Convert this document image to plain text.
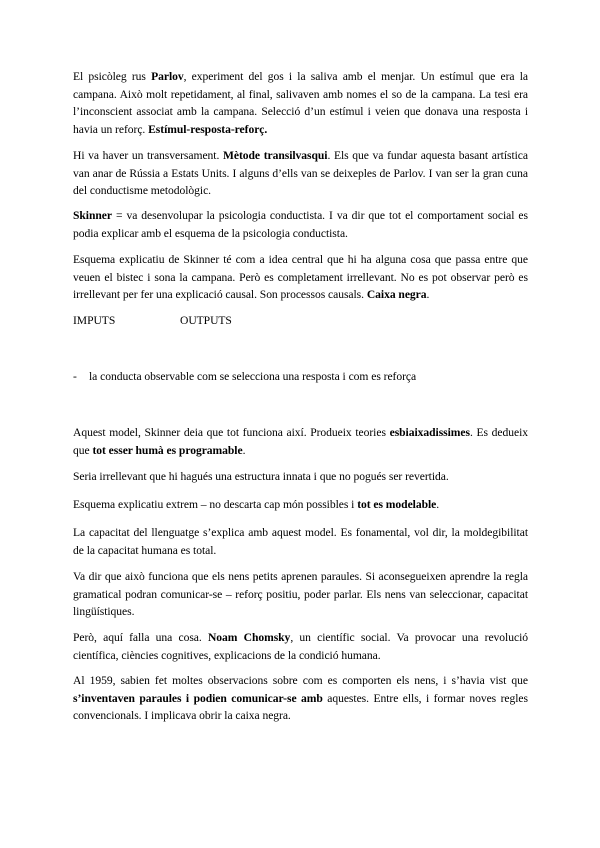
El psicòleg rus Parlov, experiment del gos i la saliva amb el menjar. Un estímul que era la campana. Això molt repetidament, al final, salivaven amb nomes el so de la campana. La tesi era l’inconscient associat amb la campana. Selecció d’un estímul i veien que donava una resposta i havia un reforç. Estímul-resposta-reforç.

Hi va haver un transversament. Mètode transilvasqui. Els que va fundar aquesta basant artística van anar de Rússia a Estats Units. I alguns d’ells van se deixeples de Parlov. I van ser la gran cuna del conductisme metodològic.

Skinner = va desenvolupar la psicologia conductista. I va dir que tot el comportament social es podia explicar amb el esquema de la psicologia conductista.

Esquema explicatiu de Skinner té com a idea central que hi ha alguna cosa que passa entre que veuen el bistec i sona la campana. Però es completament irrellevant. No es pot observar però es irrellevant per fer una explicació causal. Son processos causals. Caixa negra.

IMPUTS	OUTPUTS
- la conducta observable com se selecciona una resposta i com es reforça

Aquest model, Skinner deia que tot funciona així. Produeix teories esbiaixadissimes. Es dedueix que tot esser humà es programable.

Seria irrellevant que hi hagués una estructura innata i que no pogués ser revertida.

Esquema explicatiu extrem – no descarta cap món possibles i tot es modelable.

La capacitat del llenguatge s’explica amb aquest model. Es fonamental, vol dir, la moldegibilitat de la capacitat humana es total.

Va dir que això funciona que els nens petits aprenen paraules. Si aconsegueixen aprendre la regla gramatical podran comunicar-se – reforç positiu, poder parlar. Els nens van seleccionar, capacitat lingüístiques.

Però, aquí falla una cosa. Noam Chomsky, un científic social. Va provocar una revolució científica, ciències cognitives, explicacions de la condició humana.

Al 1959, sabien fet moltes observacions sobre com es comporten els nens, i s’havia vist que s’inventaven paraules i podien comunicar-se amb aquestes. Entre ells, i formar noves regles convencionals. I implicava obrir la caixa negra.
